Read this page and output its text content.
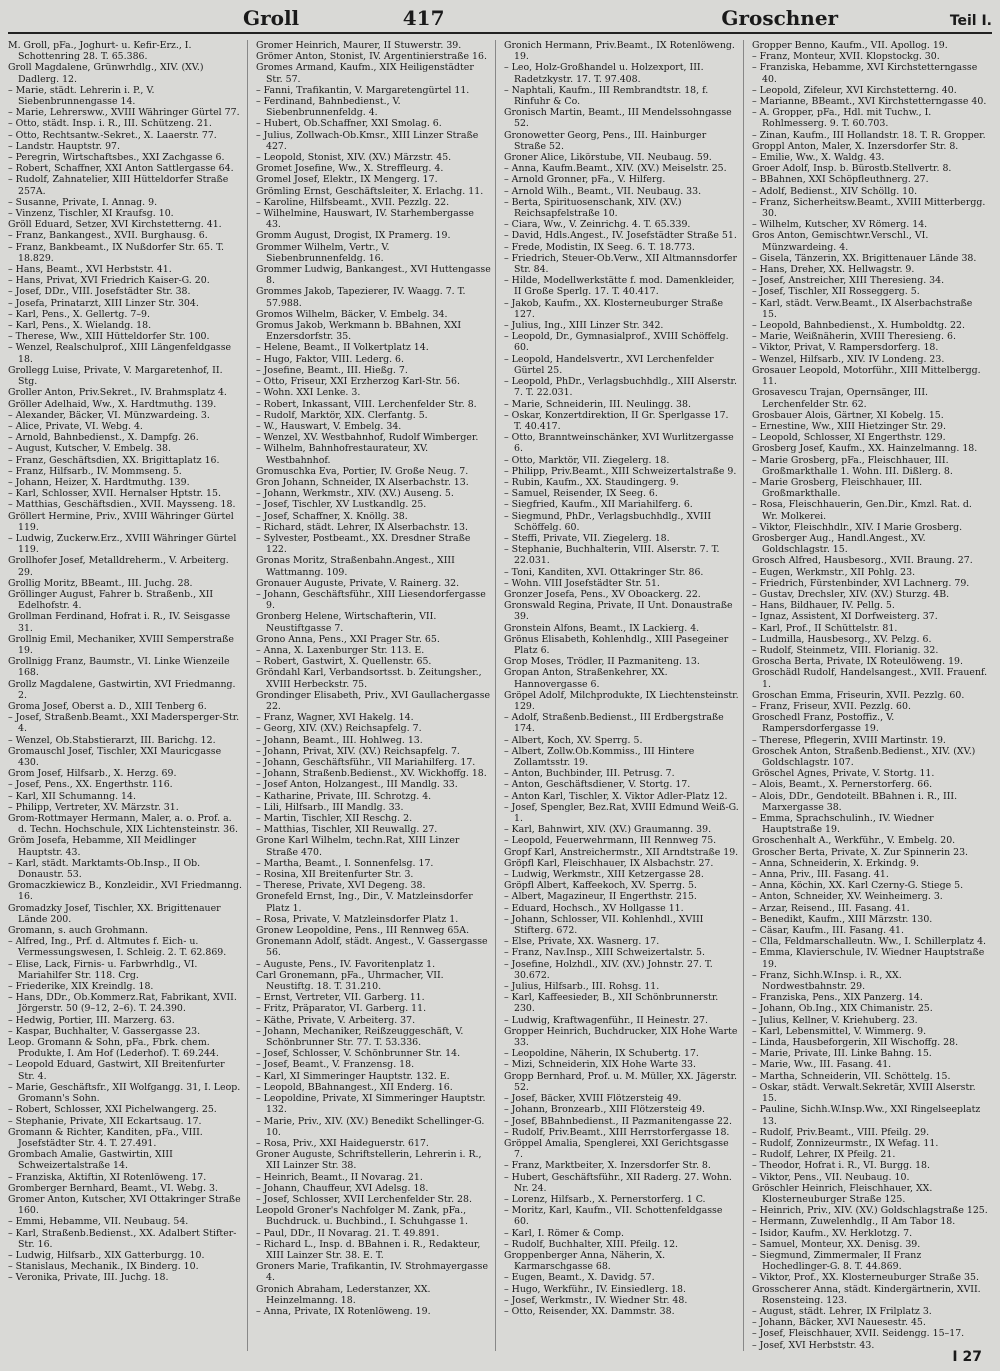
Groll	417	Groschner	Teil I.

M. Groll, pFa., Joghurt- u. Kefir-Erz., I. Schottenring 28. T. 65.386.

Groll Magdalene, Grünwrhdlg., XIV. (XV.) Dadlerg. 12.

– Marie, städt. Lehrerin i. P., V. Siebenbrunnengasse 14.

– Marie, Lehrersww., XVIII Währinger Gürtel 77.

– Otto, städt. Insp. i. R., III. Schützeng. 21.

– Otto, Rechtsantw.-Sekret., X. Laaerstr. 77.

– Landstr. Hauptstr. 97.

– Peregrin, Wirtschaftsbes., XXI Zachgasse 6.

– Robert, Schaffner, XXI Anton Sattlergasse 64.

– Rudolf, Zahnatelier, XIII Hütteldorfer Straße 257A.

– Susanne, Private, I. Annag. 9.

– Vinzenz, Tischler, XI Kraufsg. 10.

Gröll Eduard, Setzer, XVI Kirchstetterng. 41.

– Franz, Bankangest., XVII. Burghausg. 6.

– Franz, Bankbeamt., IX Nußdorfer Str. 65. T. 18.829.

– Hans, Beamt., XVI Herbststr. 41.

– Hans, Privat, XVI Friedrich Kaiser-G. 20.

– Josef, DDr., VIII. Josefstädter Str. 38.

– Josefa, Prinatarzt, XIII Linzer Str. 304.

– Karl, Pens., X. Gellertg. 7–9.

– Karl, Pens., X. Wielandg. 18.

– Therese, Ww., XIII Hütteldorfer Str. 100.

– Wenzel, Realschulprof., XIII Längenfeldgasse 18.

Grollegg Luise, Private, V. Margaretenhof, II. Stg.

Groller Anton, Priv.Sekret., IV. Brahmsplatz 4.

Gröller Adelhaid, Ww., X. Hardtmuthg. 139.

– Alexander, Bäcker, VI. Münzwardeing. 3.

– Alice, Private, VI. Webg. 4.

– Arnold, Bahnbedienst., X. Dampfg. 26.

– August, Kutscher, V. Embelg. 38.

– Franz, Geschäftsdien, XX. Brigittaplatz 16.

– Franz, Hilfsarb., IV. Mommseng. 5.

– Johann, Heizer, X. Hardtmuthg. 139.

– Karl, Schlosser, XVII. Hernalser Hptstr. 15.

– Matthias, Geschäftsdien., XVII. Maysseng. 18.

Gröllert Hermine, Priv., XVIII Währinger Gürtel 119.

– Ludwig, Zuckerw.Erz., XVIII Währinger Gürtel 119.

Grollhofer Josef, Metalldreherm., V. Arbeiterg. 29.

Grollig Moritz, BBeamt., III. Juchg. 28.

Gröllinger August, Fahrer b. Straßenb., XII Edelhofstr. 4.

Grollman Ferdinand, Hofrat i. R., IV. Seisgasse 31.

Grollnig Emil, Mechaniker, XVIII Semperstraße 19.

Grollnigg Franz, Baumstr., VI. Linke Wienzeile 168.

Grollz Magdalene, Gastwirtin, XVI Friedmanng. 2.

Groma Josef, Oberst a. D., XIII Tenberg 6.

– Josef, Straßenb.Beamt., XXI Madersperger-Str. 4.

– Wenzel, Ob.Stabstierarzt, III. Barichg. 12.

Gromauschl Josef, Tischler, XXI Mauricgasse 430.

Grom Josef, Hilfsarb., X. Herzg. 69.

– Josef, Pens., XX. Engerthstr. 116.

– Karl, XII Schumanng. 14.

– Philipp, Vertreter, XV. Märzstr. 31.

Grom-Rottmayer Hermann, Maler, a. o. Prof. a. d. Techn. Hochschule, XIX Lichtensteinstr. 36.

Gröm Josefa, Hebamme, XII Meidlinger Hauptstr. 43.

– Karl, städt. Marktamts-Ob.Insp., II Ob. Donaustr. 53.

Gromaczkiewicz B., Konzleidir., XVI Friedmanng. 16.

Gromadzky Josef, Tischler, XX. Brigittenauer Lände 200.

Gromann, s. auch Grohmann.

– Alfred, Ing., Prf. d. Altmutes f. Eich- u. Vermessungswesen, I. Schleig. 2. T. 62.869.

– Elise, Lack, Firnis- u. Farbwrhdlg., VI. Mariahilfer Str. 118. Crg.

– Friederike, XIX Kreindlg. 18.

– Hans, DDr., Ob.Kommerz.Rat, Fabrikant, XVII. Jörgerstr. 50 (9–12, 2–6). T. 24.390.

– Hedwig, Portier, III. Marzerg. 63.

– Kaspar, Buchhalter, V. Gassergasse 23.

Leop. Gromann & Sohn, pFa., Fbrk. chem. Produkte, I. Am Hof (Lederhof). T. 69.244.

– Leopold Eduard, Gastwirt, XII Breitenfurter Str. 4.

– Marie, Geschäftsfr., XII Wolfgangg. 31, I. Leop. Gromann's Sohn.

– Robert, Schlosser, XXI Pichelwangerg. 25.

– Stephanie, Private, XII Eckartsaug. 17.

Gromann & Richter, Kanditen, pFa., VIII. Josefstädter Str. 4. T. 27.491.

Grombach Amalie, Gastwirtin, XIII Schweizertalstraße 14.

– Franziska, Aktiftin, XI Rotenlöweng. 17.

Gromberger Bernhard, Beamt., VI. Webg. 3.

Gromer Anton, Kutscher, XVI Ottakringer Straße 160.

– Emmi, Hebamme, VII. Neubaug. 54.

– Karl, Straßenb.Bedienst., XX. Adalbert Stifter-Str. 16.

– Ludwig, Hilfsarb., XIX Gatterburgg. 10.

– Stanislaus, Mechanik., IX Binderg. 10.

– Veronika, Private, III. Juchg. 18.

Gromer Heinrich, Maurer, II Stuwerstr. 39.

Grömer Anton, Stonist, IV. Argentinierstraße 16.

Gromes Armand, Kaufm., XIX Heiligenstädter Str. 57.

– Fanni, Trafikantin, V. Margaretengürtel 11.

– Ferdinand, Bahnbedienst., V. Siebenbrunnenfeldg. 4.

– Hubert, Ob.Schaffner, XXI Smolag. 6.

– Julius, Zollwach-Ob.Kmsr., XIII Linzer Straße 427.

– Leopold, Stonist, XIV. (XV.) Märzstr. 45.

Gromet Josefine, Ww., X. Streffleurg. 4.

Gromel Josef, Elektr., IX Mengerg. 17.

Grömling Ernst, Geschäftsleiter, X. Erlachg. 11.

– Karoline, Hilfsbeamt., XVII. Pezzlg. 22.

– Wilhelmine, Hauswart, IV. Starhembergasse 43.

Gromm August, Drogist, IX Pramerg. 19.

Grommer Wilhelm, Vertr., V. Siebenbrunnenfeldg. 16.

Grommer Ludwig, Bankangest., XVI Huttengasse 8.

Grommes Jakob, Tapezierer, IV. Waagg. 7. T. 57.988.

Gromos Wilhelm, Bäcker, V. Embelg. 34.

Gromus Jakob, Werkmann b. BBahnen, XXI Enzersdorfstr. 35.

– Helene, Beamt., II Volkertplatz 14.

– Hugo, Faktor, VIII. Lederg. 6.

– Josefine, Beamt., III. Hießg. 7.

– Otto, Friseur, XXI Erzherzog Karl-Str. 56.

– Wohn. XXI Lenke. 3.

– Robert, Inkassant, VIII. Lerchenfelder Str. 8.

– Rudolf, Marktör, XIX. Clerfantg. 5.

– W., Hauswart, V. Embelg. 34.

– Wenzel, XV. Westbahnhof, Rudolf Wimberger.

– Wilhelm, Bahnhofrestaurateur, XV. Westbahnhof.

Gromuschka Eva, Portier, IV. Große Neug. 7.

Gron Johann, Schneider, IX Alserbachstr. 13.

– Johann, Werkmstr., XIV. (XV.) Auseng. 5.

– Josef, Tischler, XV Lustkandlg. 25.

– Josef, Schaffner, X. Knöllg. 38.

– Richard, städt. Lehrer, IX Alserbachstr. 13.

– Sylvester, Postbeamt., XX. Dresdner Straße 122.

Gronas Moritz, Straßenbahn.Angest., XIII Wattmanng. 109.

Gronauer Auguste, Private, V. Rainerg. 32.

– Johann, Geschäftsführ., XIII Liesendorfergasse 9.

Gronberg Helene, Wirtschafterin, VII. Neustiftgasse 7.

Grono Anna, Pens., XXI Prager Str. 65.

– Anna, X. Laxenburger Str. 113. E.

– Robert, Gastwirt, X. Quellenstr. 65.

Gröndahl Karl, Verbandsortsst. b. Zeitungsher., XVIII Herbeckstr. 75.

Grondinger Elisabeth, Priv., XVI Gaullachergasse 22.

– Franz, Wagner, XVI Hakelg. 14.

– Georg, XIV. (XV.) Reichsapfelg. 7.

– Johann, Beamt., III. Hohlweg. 13.

– Johann, Privat, XIV. (XV.) Reichsapfelg. 7.

– Johann, Geschäftsführ., VII Mariahilferg. 17.

– Johann, Straßenb.Bedienst., XV. Wickhoffg. 18.

– Josef Anton, Holzangest., III Mandlg. 33.

– Katharine, Private, III. Schrotzg. 4.

– Lili, Hilfsarb., III Mandlg. 33.

– Martin, Tischler, XII Reschg. 2.

– Matthias, Tischler, XII Reuwallg. 27.

Grone Karl Wilhelm, techn.Rat, XIII Linzer Straße 470.

– Martha, Beamt., I. Sonnenfelsg. 17.

– Rosina, XII Breitenfurter Str. 3.

– Therese, Private, XVI Degeng. 38.

Gronefeld Ernst, Ing., Dir., V. Matzleinsdorfer Platz 1.

– Rosa, Private, V. Matzleinsdorfer Platz 1.

Gronew Leopoldine, Pens., III Rennweg 65A.

Gronemann Adolf, städt. Angest., V. Gassergasse 56.

– Auguste, Pens., IV. Favoritenplatz 1.

Carl Gronemann, pFa., Uhrmacher, VII. Neustiftg. 18. T. 31.210.

– Ernst, Vertreter, VII. Garberg. 11.

– Fritz, Präparator, VI. Garberg. 11.

– Käthe, Private, V. Arbeiterg. 37.

– Johann, Mechaniker, Reißzeuggeschäft, V. Schönbrunner Str. 77. T. 53.336.

– Josef, Schlosser, V. Schönbrunner Str. 14.

– Josef, Beamt., V. Franzensg. 18.

– Karl, XI Simmeringer Hauptstr. 132. E.

– Leopold, BBahnangest., XII Enderg. 16.

– Leopoldine, Private, XI Simmeringer Hauptstr. 132.

– Marie, Priv., XIV. (XV.) Benedikt Schellinger-G. 10.

– Rosa, Priv., XXI Haideguerstr. 617.

Groner Auguste, Schriftstellerin, Lehrerin i. R., XII Lainzer Str. 38.

– Heinrich, Beamt., II Novarag. 21.

– Johann, Chauffeur, XVI Adelsg. 18.

– Josef, Schlosser, XVII Lerchenfelder Str. 28.

Leopold Groner's Nachfolger M. Zank, pFa., Buchdruck. u. Buchbind., I. Schuhgasse 1.

– Paul, DDr., II Novarag. 21. T. 49.891.

– Richard L., Insp. d. BBahnen i. R., Redakteur, XIII Lainzer Str. 38. E. T.

Groners Marie, Trafikantin, IV. Strohmayergasse 4.

Gronich Abraham, Lederstanzer, XX. Heinzelmanng. 18.

– Anna, Private, IX Rotenlöweng. 19.

Gronich Hermann, Priv.Beamt., IX Rotenlöweng. 19.

– Leo, Holz-Großhandel u. Holzexport, III. Radetzkystr. 17. T. 97.408.

– Naphtali, Kaufm., III Rembrandtstr. 18, f. Rinfuhr & Co.

Gronisch Martin, Beamt., III Mendelssohngasse 52.

Gronowetter Georg, Pens., III. Hainburger Straße 52.

Groner Alice, Likörstube, VII. Neubaug. 59.

– Anna, Kaufm.Beamt., XIV. (XV.) Meiselstr. 25.

– Arnold Gronner, pFa., V. Hilferg.

– Arnold Wilh., Beamt., VII. Neubaug. 33.

– Berta, Spirituosenschank, XIV. (XV.) Reichsapfelstraße 10.

– Ciara, Ww., V. Zeinrichg. 4. T. 65.339.

– David, Hdls.Angest., IV. Josefstädter Straße 51.

– Frede, Modistin, IX Seeg. 6. T. 18.773.

– Friedrich, Steuer-Ob.Verw., XII Altmannsdorfer Str. 84.

– Hilde, Modellwerkstätte f. mod. Damenkleider, II Große Sperlg. 17. T. 40.417.

– Jakob, Kaufm., XX. Klosterneuburger Straße 127.

– Julius, Ing., XIII Linzer Str. 342.

– Leopold, Dr., Gymnasialprof., XVIII Schöffelg. 60.

– Leopold, Handelsvertr., XVI Lerchenfelder Gürtel 25.

– Leopold, PhDr., Verlagsbuchhdlg., XIII Alserstr. 7. T. 22.031.

– Marie, Schneiderin, III. Neulingg. 38.

– Oskar, Konzertdirektion, II Gr. Sperlgasse 17. T. 40.417.

– Otto, Branntweinschänker, XVI Wurlitzergasse 6.

– Otto, Marktör, VII. Ziegelerg. 18.

– Philipp, Priv.Beamt., XIII Schweizertalstraße 9.

– Rubin, Kaufm., XX. Staudingerg. 9.

– Samuel, Reisender, IX Seeg. 6.

– Siegfried, Kaufm., XII Mariahilferg. 6.

– Siegmund, PhDr., Verlagsbuchhdlg., XVIII Schöffelg. 60.

– Steffi, Private, VII. Ziegelerg. 18.

– Stephanie, Buchhalterin, VIII. Alserstr. 7. T. 22.031.

– Toni, Kanditen, XVI. Ottakringer Str. 86.

– Wohn. VIII Josefstädter Str. 51.

Gronzer Josefa, Pens., XV Oboackerg. 22.

Gronswald Regina, Private, II Unt. Donaustraße 39.

Gronstein Alfons, Beamt., IX Lackierg. 4.

Grönus Elisabeth, Kohlenhdlg., XIII Pasegeiner Platz 6.

Grop Moses, Trödler, II Pazmaniteng. 13.

Gropan Anton, Straßenkehrer, XX. Hannovergasse 6.

Gröpel Adolf, Milchprodukte, IX Liechtensteinstr. 129.

– Adolf, Straßenb.Bedienst., III Erdbergstraße 174.

– Albert, Koch, XV. Sperrg. 5.

– Albert, Zollw.Ob.Kommiss., III Hintere Zollamtsstr. 19.

– Anton, Buchbinder, III. Petrusg. 7.

– Anton, Geschäftsdiener, V. Stortg. 17.

– Anton Karl, Tischler, X. Viktor Adler-Platz 12.

– Josef, Spengler, Bez.Rat, XVIII Edmund Weiß-G. 1.

– Karl, Bahnwirt, XIV. (XV.) Graumanng. 39.

– Leopold, Feuerwehrmann, III Rennweg 75.

Gropf Karl, Anstreichermstr., XII Arndtstraße 19.

Gröpfl Karl, Fleischhauer, IX Alsbachstr. 27.

– Ludwig, Werkmstr., XIII Ketzergasse 28.

Gröpfl Albert, Kaffeekoch, XV. Sperrg. 5.

– Albert, Magazineur, II Engerthstr. 215.

– Eduard, Hochsch., XV Hollgasse 11.

– Johann, Schlosser, VII. Kohlenhdl., XVIII Stifterg. 672.

– Else, Private, XX. Wasnerg. 17.

– Franz, Nav.Insp., XIII Schweizertalstr. 5.

– Josefine, Holzhdl., XIV. (XV.) Johnstr. 27. T. 30.672.

– Julius, Hilfsarb., III. Rohsg. 11.

– Karl, Kaffeesieder, B., XII Schönbrunnerstr. 230.

– Ludwig, Kraftwagenführ., II Heinestr. 27.

Gropper Heinrich, Buchdrucker, XIX Hohe Warte 33.

– Leopoldine, Näherin, IX Schubertg. 17.

– Mizi, Schneiderin, XIX Hohe Warte 33.

Gropp Bernhard, Prof. u. M. Müller, XX. Jägerstr. 52.

– Josef, Bäcker, XVIII Flötzersteig 49.

– Johann, Bronzearb., XIII Flötzersteig 49.

– Josef, BBahnbedienst., II Pazmanitengasse 22.

– Rudolf, Priv.Beamt., XIII Herrstorfergasse 18.

Gröppel Amalia, Spenglerei, XXI Gerichtsgasse 7.

– Franz, Marktbeiter, X. Inzersdorfer Str. 8.

– Hubert, Geschäftsführ., XII Raderg. 27. Wohn. Nr. 24.

– Lorenz, Hilfsarb., X. Pernerstorferg. 1 C.

– Moritz, Karl, Kaufm., VII. Schottenfeldgasse 60.

– Karl, I. Römer & Comp.

– Rudolf, Buchhalter, XIII. Pfeilg. 12.

Groppenberger Anna, Näherin, X. Karmarschgasse 68.

– Eugen, Beamt., X. Davidg. 57.

– Hugo, Werkführ., IV. Einsiedlerg. 18.

– Josef, Werkmstr., IV. Wiedner Str. 48.

– Otto, Reisender, XX. Dammstr. 38.

Gropper Benno, Kaufm., VII. Apollog. 19.

– Franz, Monteur, XVII. Klopstockg. 30.

– Franziska, Hebamme, XVI Kirchstetterngasse 40.

– Leopold, Zifeleur, XVI Kirchstetterng. 40.

– Marianne, BBeamt., XVI Kirchstetterngasse 40.

– A. Gropper, pFa., Hdl. mit Tuchw., I. Rohlmesserg. 9. T. 60.703.

– Zinan, Kaufm., III Hollandstr. 18. T. R. Gropper.

Groppl Anton, Maler, X. Inzersdorfer Str. 8.

– Emilie, Ww., X. Waldg. 43.

Groer Adolf, Insp. b. Bürostb.Stellvertr. 8.

– BBahnen, XXI Schöpfleuthnerg. 27.

– Adolf, Bedienst., XIV Schöllg. 10.

– Franz, Sicherheitsw.Beamt., XVIII Mitterbergg. 30.

– Wilhelm, Kutscher, XV Römerg. 14.

Gros Anton, Gemischtwr.Verschl., VI. Münzwardeing. 4.

– Gisela, Tänzerin, XX. Brigittenauer Lände 38.

– Hans, Dreher, XX. Hellwagstr. 9.

– Josef, Anstreicher, XIII Theresieng. 34.

– Josef, Tischler, XII Rosseggerg. 5.

– Karl, städt. Verw.Beamt., IX Alserbachstraße 15.

– Leopold, Bahnbedienst., X. Humboldtg. 22.

– Marie, Weißnäherin, XVIII Theresieng. 6.

– Viktor, Privat, V. Rampersdorferg. 18.

– Wenzel, Hilfsarb., XIV. IV Londeng. 23.

Grosauer Leopold, Motorführ., XIII Mittelbergg. 11.

Grosavescu Trajan, Opernsänger, III. Lerchenfelder Str. 62.

Grosbauer Alois, Gärtner, XI Kobelg. 15.

– Ernestine, Ww., XIII Hietzinger Str. 29.

– Leopold, Schlosser, XI Engerthstr. 129.

Grosberg Josef, Kaufm., XX. Hainzelmanng. 18.

– Marie Grosberg, pFa., Fleischhauer, III. Großmarkthalle 1. Wohn. III. Dißlerg. 8.

– Marie Grosberg, Fleischhauer, III. Großmarkthalle.

– Rosa, Fleischhauerin, Gen.Dir., Kmzl. Rat. d. Wr. Molkerei.

– Viktor, Fleischhdlr., XIV. I Marie Grosberg.

Grosberger Aug., Handl.Angest., XV. Goldschlagstr. 15.

Grosch Alfred, Hausbesorg., XVII. Braung. 27.

– Eugen, Werkmstr., XII Pohlg. 23.

– Friedrich, Fürstenbinder, XVI Lachnerg. 79.

– Gustav, Drechsler, XIV. (XV.) Sturzg. 4B.

– Hans, Bildhauer, IV. Pellg. 5.

– Ignaz, Assistent, XI Dorfweisterg. 37.

– Karl, Prof., II Schüttelstr. 81.

– Ludmilla, Hausbesorg., XV. Pelzg. 6.

– Rudolf, Steinmetz, VIII. Florianig. 32.

Groscha Berta, Private, IX Roteulöweng. 19.

Groschädl Rudolf, Handelsangest., XVII. Frauenf. 1.

Groschan Emma, Friseurin, XVII. Pezzlg. 60.

– Franz, Friseur, XVII. Pezzlg. 60.

Groschedl Franz, Postoffiz., V. Rampersdorfergasse 19.

– Therese, Pflegerin, XVIII Martinstr. 19.

Groschek Anton, Straßenb.Bedienst., XIV. (XV.) Goldschlagstr. 107.

Gröschel Agnes, Private, V. Stortg. 11.

– Alois, Beamt., X. Pernerstorferg. 66.

– Alois, DDr., Gendoteilt. BBahnen i. R., III. Marxergasse 38.

– Emma, Sprachschulinh., IV. Wiedner Hauptstraße 19.

Groschenhalt A., Werkführ., V. Embelg. 20.

Groscher Berta, Private, X. Zur Spinnerin 23.

– Anna, Schneiderin, X. Erkindg. 9.

– Anna, Priv., III. Fasang. 41.

– Anna, Köchin, XX. Karl Czerny-G. Stiege 5.

– Anton, Schneider, XV. Weinheimerg. 3.

– Arzar, Reisend., III. Fasang. 41.

– Benedikt, Kaufm., XIII Märzstr. 130.

– Cäsar, Kaufm., III. Fasang. 41.

– Clla, Feldmarschalleutn. Ww., I. Schillerplatz 4.

– Emma, Klavierschule, IV. Wiedner Hauptstraße 19.

– Franz, Sichh.W.Insp. i. R., XX. Nordwestbahnstr. 29.

– Franziska, Pens., XIX Panzerg. 14.

– Johann, Ob.Ing., XIX Chimanistr. 25.

– Julius, Kellner, V. Kriehuberg. 23.

– Karl, Lebensmittel, V. Wimmerg. 9.

– Linda, Hausbeforgerin, XII Wischoffg. 28.

– Marie, Private, III. Linke Bahng. 15.

– Marie, Ww., III. Fasang. 41.

– Martha, Schneiderin, VII. Schöttelg. 15.

– Oskar, städt. Verwalt.Sekretär, XVIII Alserstr. 15.

– Pauline, Sichh.W.Insp.Ww., XXI Ringelseeplatz 13.

– Rudolf, Priv.Beamt., VIII. Pfeilg. 29.

– Rudolf, Zonnizeurmstr., IX Wefag. 11.

– Rudolf, Lehrer, IX Pfeilg. 21.

– Theodor, Hofrat i. R., VI. Burgg. 18.

– Viktor, Pens., VII. Neubaug. 10.

Gröschler Heinrich, Fleischhauer, XX. Klosterneuburger Straße 125.

– Heinrich, Priv., XIV. (XV.) Goldschlagstraße 125.

– Hermann, Zuwelenhdlg., II Am Tabor 18.

– Isidor, Kaufm., XV. Herklotzg. 7.

– Samuel, Monteur, XX. Denisg. 39.

– Siegmund, Zimmermaler, II Franz Hochedlinger-G. 8. T. 44.869.

– Viktor, Prof., XX. Klosterneuburger Straße 35.

Grosscherer Anna, städt. Kindergärtnerin, XVII. Rosensteing. 123.

– August, städt. Lehrer, IX Frilplatz 3.

– Johann, Bäcker, XVI Nauesestr. 45.

– Josef, Fleischhauer, XVII. Seidengg. 15–17.

– Josef, XVI Herbststr. 43.

I 27
